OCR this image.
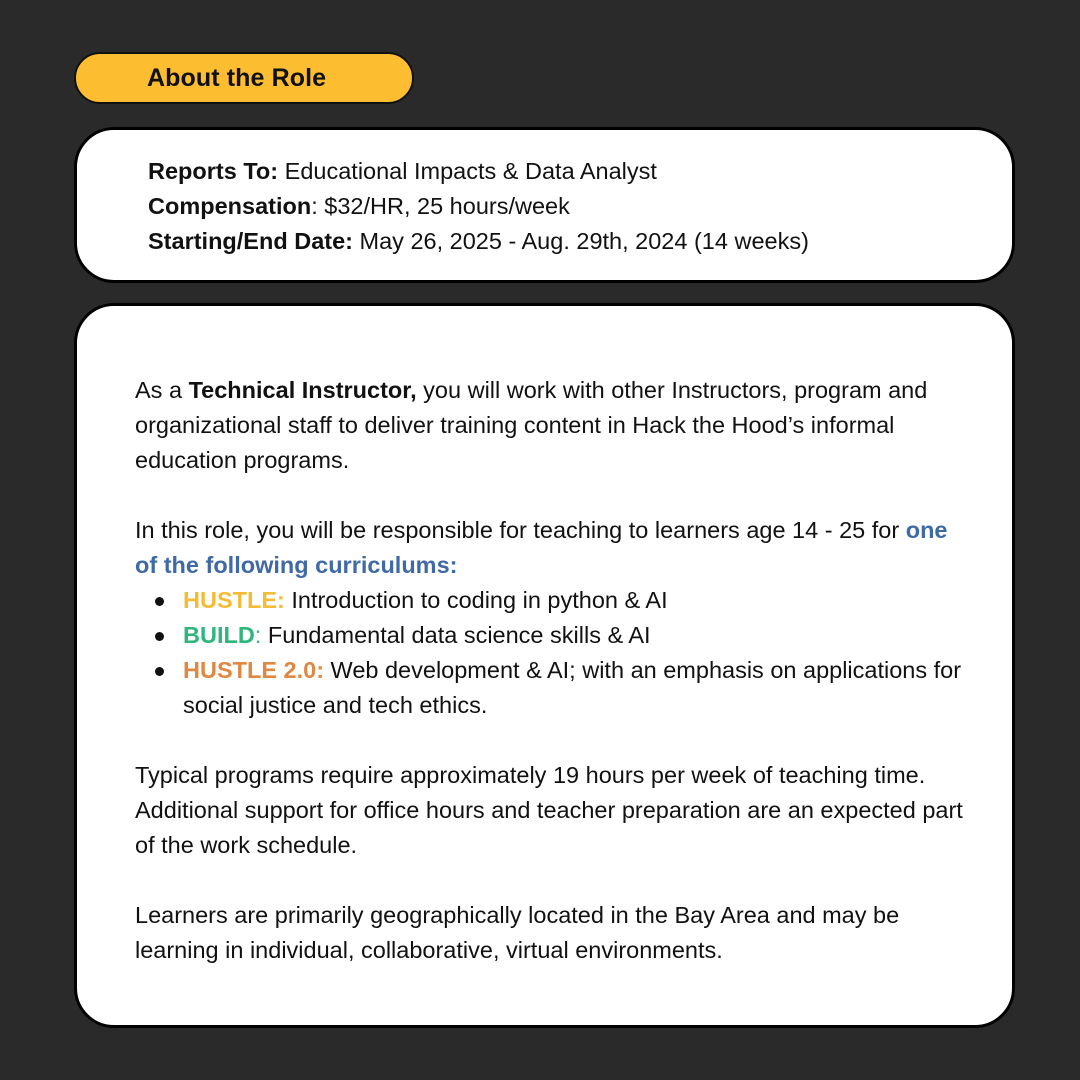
About the Role
Reports To: Educational Impacts & Data Analyst
Compensation: $32/HR, 25 hours/week
Starting/End Date: May 26, 2025 - Aug. 29th, 2024 (14 weeks)

As a Technical Instructor, you will work with other Instructors, program and organizational staff to deliver training content in Hack the Hood’s informal education programs.

In this role, you will be responsible for teaching to learners age 14 - 25 for one of the following curriculums:

HUSTLE: Introduction to coding in python & AI
BUILD: Fundamental data science skills & AI
HUSTLE 2.0: Web development & AI; with an emphasis on applications for social justice and tech ethics.

Typical programs require approximately 19 hours per week of teaching time. Additional support for office hours and teacher preparation are an expected part of the work schedule.

Learners are primarily geographically located in the Bay Area and may be learning in individual, collaborative, virtual environments.
